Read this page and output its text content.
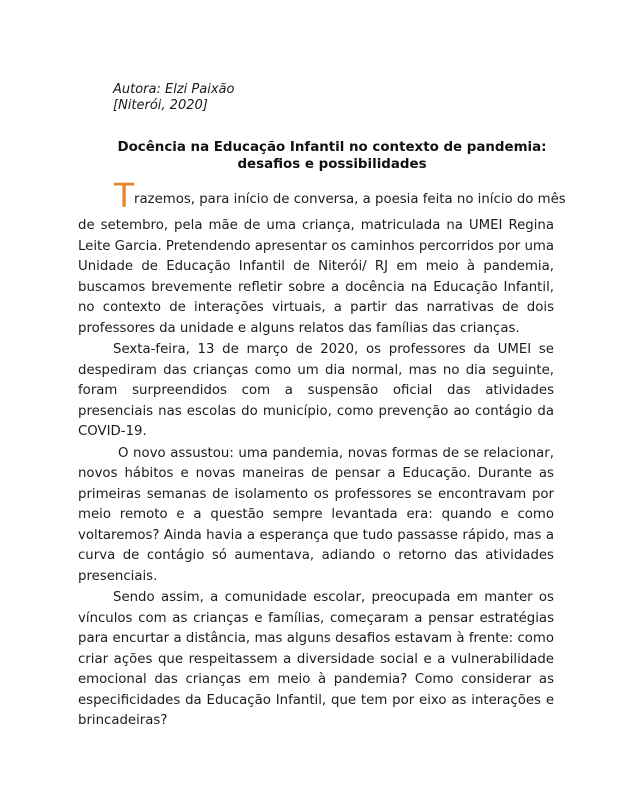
Autora: Elzi Paixão
[Niterói, 2020]
Docência na Educação Infantil no contexto de pandemia:
desafios e possibilidades

T razemos, para início de conversa, a poesia feita no início do mês
de setembro, pela mãe de uma criança, matriculada na UMEI Regina Leite Garcia. Pretendendo apresentar os caminhos percorridos por uma Unidade de Educação Infantil de Niterói/ RJ em meio à pandemia, buscamos brevemente refletir sobre a docência na Educação Infantil, no contexto de interações virtuais, a partir das narrativas de dois professores da unidade e alguns relatos das famílias das crianças.

Sexta-feira, 13 de março de 2020, os professores da UMEI se despediram das crianças como um dia normal, mas no dia seguinte, foram surpreendidos com a suspensão oficial das atividades presenciais nas escolas do município, como prevenção ao contágio da COVID-19.

O novo assustou: uma pandemia, novas formas de se relacionar, novos hábitos e novas maneiras de pensar a Educação. Durante as primeiras semanas de isolamento os professores se encontravam por meio remoto e a questão sempre levantada era: quando e como voltaremos? Ainda havia a esperança que tudo passasse rápido, mas a curva de contágio só aumentava, adiando o retorno das atividades presenciais.

Sendo assim, a comunidade escolar, preocupada em manter os vínculos com as crianças e famílias, começaram a pensar estratégias para encurtar a distância, mas alguns desafios estavam à frente: como criar ações que respeitassem a diversidade social e a vulnerabilidade emocional das crianças em meio à pandemia? Como considerar as especificidades da Educação Infantil, que tem por eixo as interações e brincadeiras?
